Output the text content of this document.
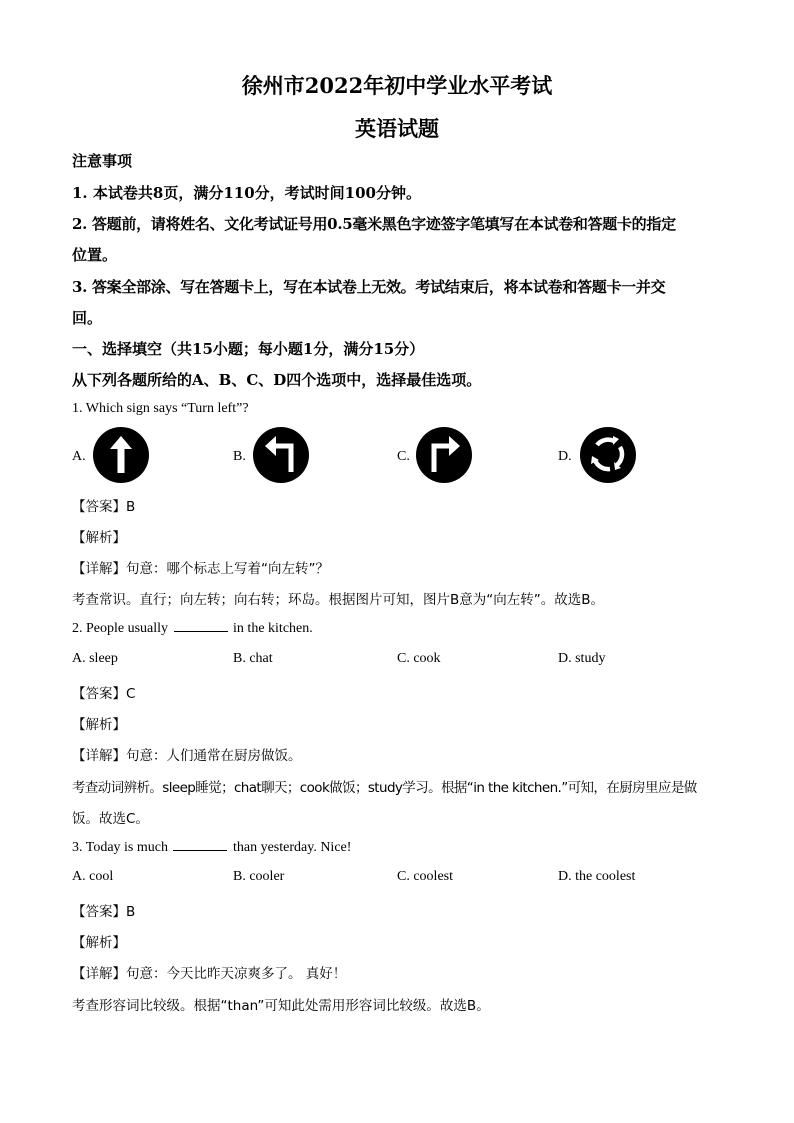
徐州市2022年初中学业水平考试
英语试题
注意事项
1. 本试卷共8页，满分110分，考试时间100分钟。
2. 答题前，请将姓名、文化考试证号用0.5毫米黑色字迹签字笔填写在本试卷和答题卡的指定
位置。
3. 答案全部涂、写在答题卡上，写在本试卷上无效。考试结束后，将本试卷和答题卡一并交
回。
一、选择填空（共15小题；每小题1分，满分15分）
从下列各题所给的A、B、C、D四个选项中，选择最佳选项。
1. Which sign says “Turn left”?
A.	B.	C.	D.
【答案】B
【解析】
【详解】句意：哪个标志上写着“向左转”？
考查常识。直行；向左转；向右转；环岛。根据图片可知，图片B意为“向左转”。故选B。
2. People usually	in the kitchen.
A. sleep	B. chat	C. cook	D. study
【答案】C
【解析】
【详解】句意：人们通常在厨房做饭。
考查动词辨析。sleep睡觉；chat聊天；cook做饭；study学习。根据“in the kitchen.”可知，在厨房里应是做
饭。故选C。
3. Today is much	than yesterday. Nice!
A. cool	B. cooler	C. coolest	D. the coolest
【答案】B
【解析】
【详解】句意：今天比昨天凉爽多了。 真好！
考查形容词比较级。根据“than”可知此处需用形容词比较级。故选B。
